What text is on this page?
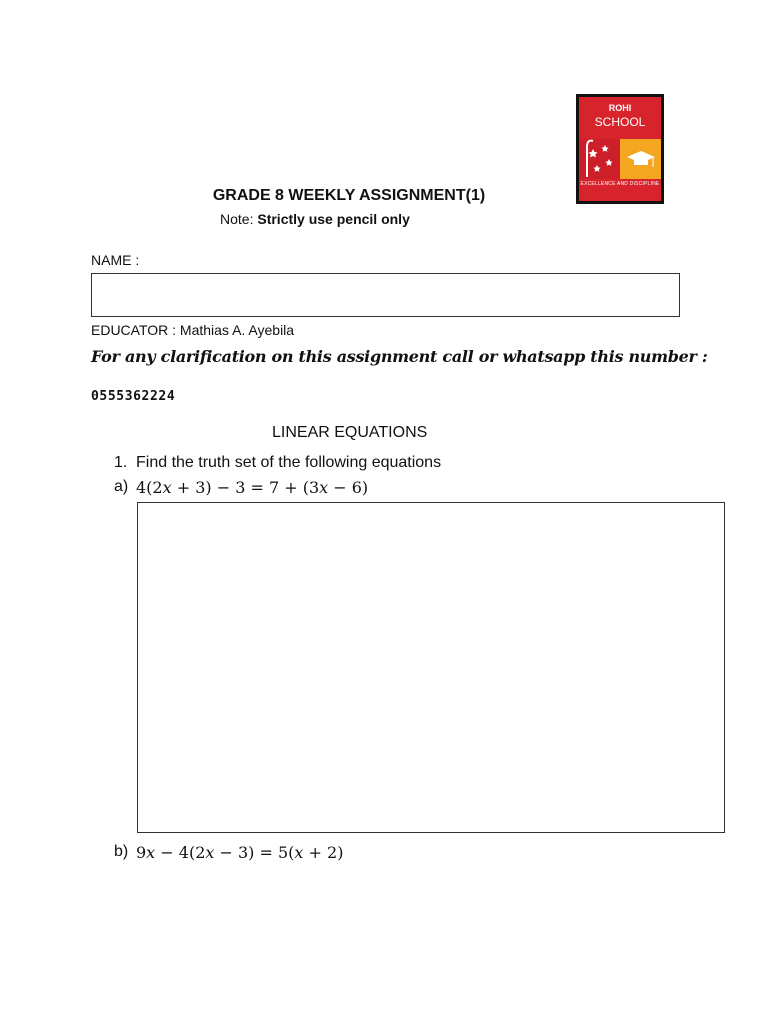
ROHI
SCHOOL
EXCELLENCE AND DISCIPLINE
GRADE 8 WEEKLY ASSIGNMENT(1)
Note: Strictly use pencil only
NAME :
EDUCATOR : Mathias A. Ayebila
For any clarification on this assignment call or whatsapp this number :
0555362224
LINEAR EQUATIONS
1. Find the truth set of the following equations
a) 4(2𝑥 + 3) − 3 = 7 + (3𝑥 − 6)
b) 9𝑥 − 4(2𝑥 − 3) = 5(𝑥 + 2)
